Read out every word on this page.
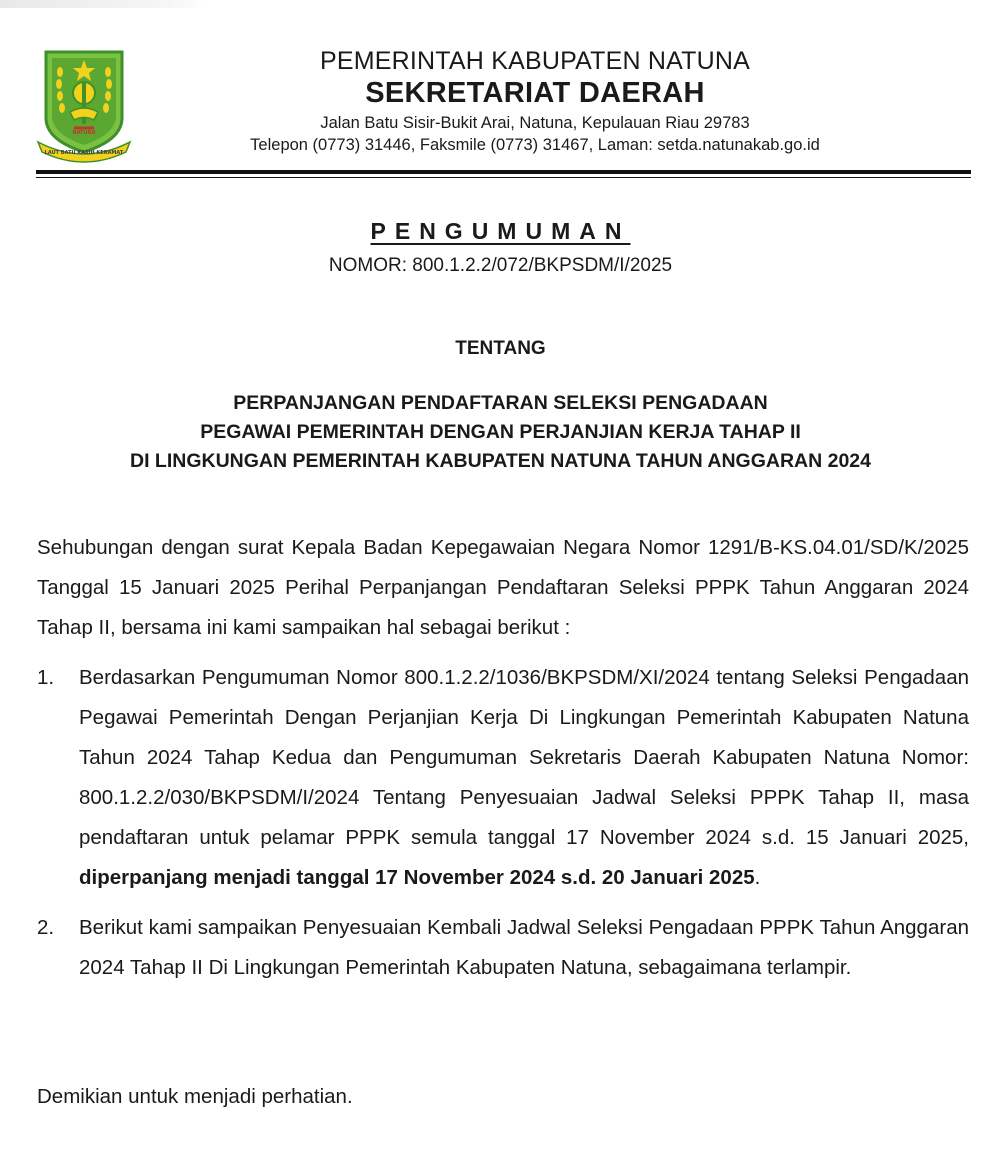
LAUT BATU KASIH KERAMAT
NATUNA
PEMERINTAH KABUPATEN NATUNA
SEKRETARIAT DAERAH
Jalan Batu Sisir-Bukit Arai, Natuna, Kepulauan Riau 29783
Telepon (0773) 31446, Faksmile (0773) 31467, Laman: setda.natunakab.go.id
PENGUMUMAN
NOMOR: 800.1.2.2/072/BKPSDM/I/2025
TENTANG
PERPANJANGAN PENDAFTARAN SELEKSI PENGADAAN
PEGAWAI PEMERINTAH DENGAN PERJANJIAN KERJA TAHAP II
DI LINGKUNGAN PEMERINTAH KABUPATEN NATUNA TAHUN ANGGARAN 2024
Sehubungan dengan surat Kepala Badan Kepegawaian Negara Nomor 1291/B-KS.04.01/SD/K/2025 Tanggal 15 Januari 2025 Perihal Perpanjangan Pendaftaran Seleksi PPPK Tahun Anggaran 2024 Tahap II, bersama ini kami sampaikan hal sebagai berikut :
1. Berdasarkan Pengumuman Nomor 800.1.2.2/1036/BKPSDM/XI/2024 tentang Seleksi Pengadaan Pegawai Pemerintah Dengan Perjanjian Kerja Di Lingkungan Pemerintah Kabupaten Natuna Tahun 2024 Tahap Kedua dan Pengumuman Sekretaris Daerah Kabupaten Natuna Nomor: 800.1.2.2/030/BKPSDM/I/2024 Tentang Penyesuaian Jadwal Seleksi PPPK Tahap II, masa pendaftaran untuk pelamar PPPK semula tanggal 17 November 2024 s.d. 15 Januari 2025, diperpanjang menjadi tanggal 17 November 2024 s.d. 20 Januari 2025.
2. Berikut kami sampaikan Penyesuaian Kembali Jadwal Seleksi Pengadaan PPPK Tahun Anggaran 2024 Tahap II Di Lingkungan Pemerintah Kabupaten Natuna, sebagaimana terlampir.
Demikian untuk menjadi perhatian.
